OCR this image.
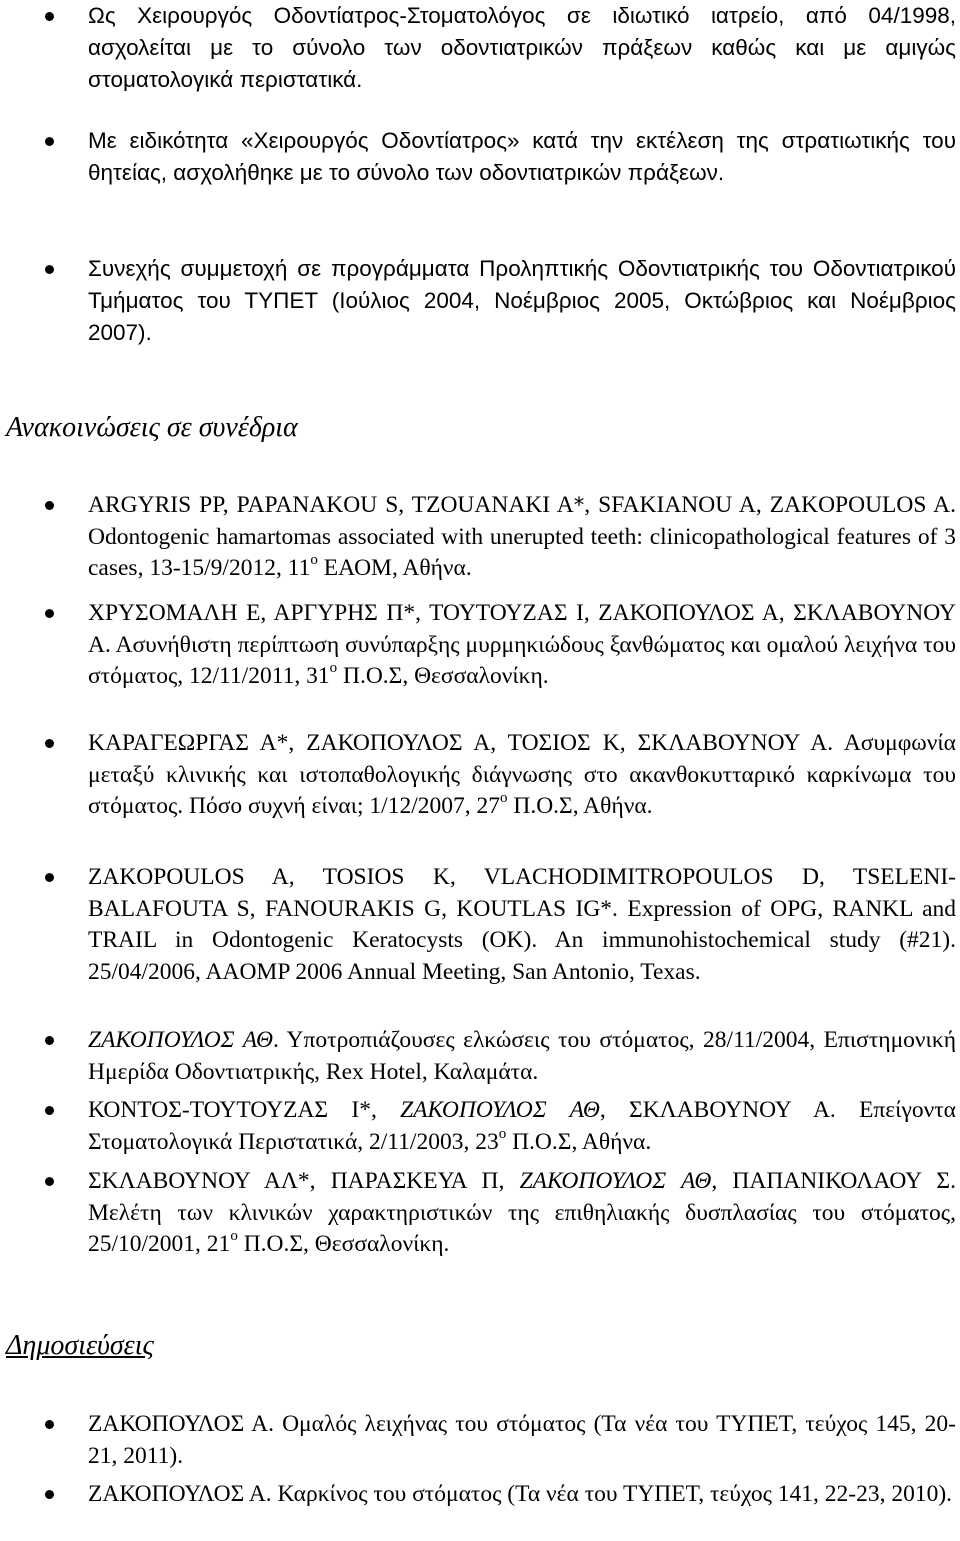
Ως Χειρουργός Οδοντίατρος-Στοματολόγος σε ιδιωτικό ιατρείο, από 04/1998, ασχολείται με το σύνολο των οδοντιατρικών πράξεων καθώς και με αμιγώς στοματολογικά περιστατικά.
Με ειδικότητα «Χειρουργός Οδοντίατρος» κατά την εκτέλεση της στρατιωτικής του θητείας, ασχολήθηκε με το σύνολο των οδοντιατρικών πράξεων.
Συνεχής συμμετοχή σε προγράμματα Προληπτικής Οδοντιατρικής του Οδοντιατρικού Τμήματος του ΤΥΠΕΤ (Ιούλιος 2004, Νοέμβριος 2005, Οκτώβριος και Νοέμβριος 2007).
Ανακοινώσεις σε συνέδρια
ARGYRIS PP, PAPANAKOU S, TZOUANAKI A*, SFAKIANOU A, ZAKOPOULOS A. Odontogenic hamartomas associated with unerupted teeth: clinicopathological features of 3 cases, 13-15/9/2012, $11^o$ ΕΑΟΜ, Αθήνα.
ΧΡΥΣΟΜΑΛΗ Ε, ΑΡΓΥΡΗΣ Π*, ΤΟΥΤΟΥΖΑΣ Ι, ΖΑΚΟΠΟΥΛΟΣ Α, ΣΚΛΑΒΟΥΝΟΥ Α. Ασυνήθιστη περίπτωση συνύπαρξης μυρμηκιώδους ξανθώματος και ομαλού λειχήνα του στόματος, 12/11/2011, $31^o$ Π.Ο.Σ, Θεσσαλονίκη.
ΚΑΡΑΓΕΩΡΓΑΣ Α*, ΖΑΚΟΠΟΥΛΟΣ Α, ΤΟΣΙΟΣ Κ, ΣΚΛΑΒΟΥΝΟΥ Α. Ασυμφωνία μεταξύ κλινικής και ιστοπαθολογικής διάγνωσης στο ακανθοκυτταρικό καρκίνωμα του στόματος. Πόσο συχνή είναι; 1/12/2007, $27^o$ Π.Ο.Σ, Αθήνα.
ZAKOPOULOS A, TOSIOS K, VLACHODIMITROPOULOS D, TSELENI-BALAFOUTA S, FANOURAKIS G, KOUTLAS IG*. Expression of OPG, RANKL and TRAIL in Odontogenic Keratocysts (OK). An immunohistochemical study (#21). 25/04/2006, AAOMP 2006 Annual Meeting, San Antonio, Texas.
ΖΑΚΟΠΟΥΛΟΣ ΑΘ. Υποτροπιάζουσες ελκώσεις του στόματος, 28/11/2004, Επιστημονική Ημερίδα Οδοντιατρικής, Rex Hotel, Καλαμάτα.
ΚΟΝΤΟΣ-ΤΟΥΤΟΥΖΑΣ Ι*, ΖΑΚΟΠΟΥΛΟΣ ΑΘ, ΣΚΛΑΒΟΥΝΟΥ Α. Επείγοντα Στοματολογικά Περιστατικά, 2/11/2003, $23^o$ Π.Ο.Σ, Αθήνα.
ΣΚΛΑΒΟΥΝΟΥ ΑΛ*, ΠΑΡΑΣΚΕΥΑ Π, ΖΑΚΟΠΟΥΛΟΣ ΑΘ, ΠΑΠΑΝΙΚΟΛΑΟΥ Σ. Μελέτη των κλινικών χαρακτηριστικών της επιθηλιακής δυσπλασίας του στόματος, 25/10/2001, $21^o$ Π.Ο.Σ, Θεσσαλονίκη.
Δημοσιεύσεις
ΖΑΚΟΠΟΥΛΟΣ Α. Ομαλός λειχήνας του στόματος (Τα νέα του ΤΥΠΕΤ, τεύχος 145, 20-21, 2011).
ΖΑΚΟΠΟΥΛΟΣ Α. Καρκίνος του στόματος (Τα νέα του ΤΥΠΕΤ, τεύχος 141, 22-23, 2010).
